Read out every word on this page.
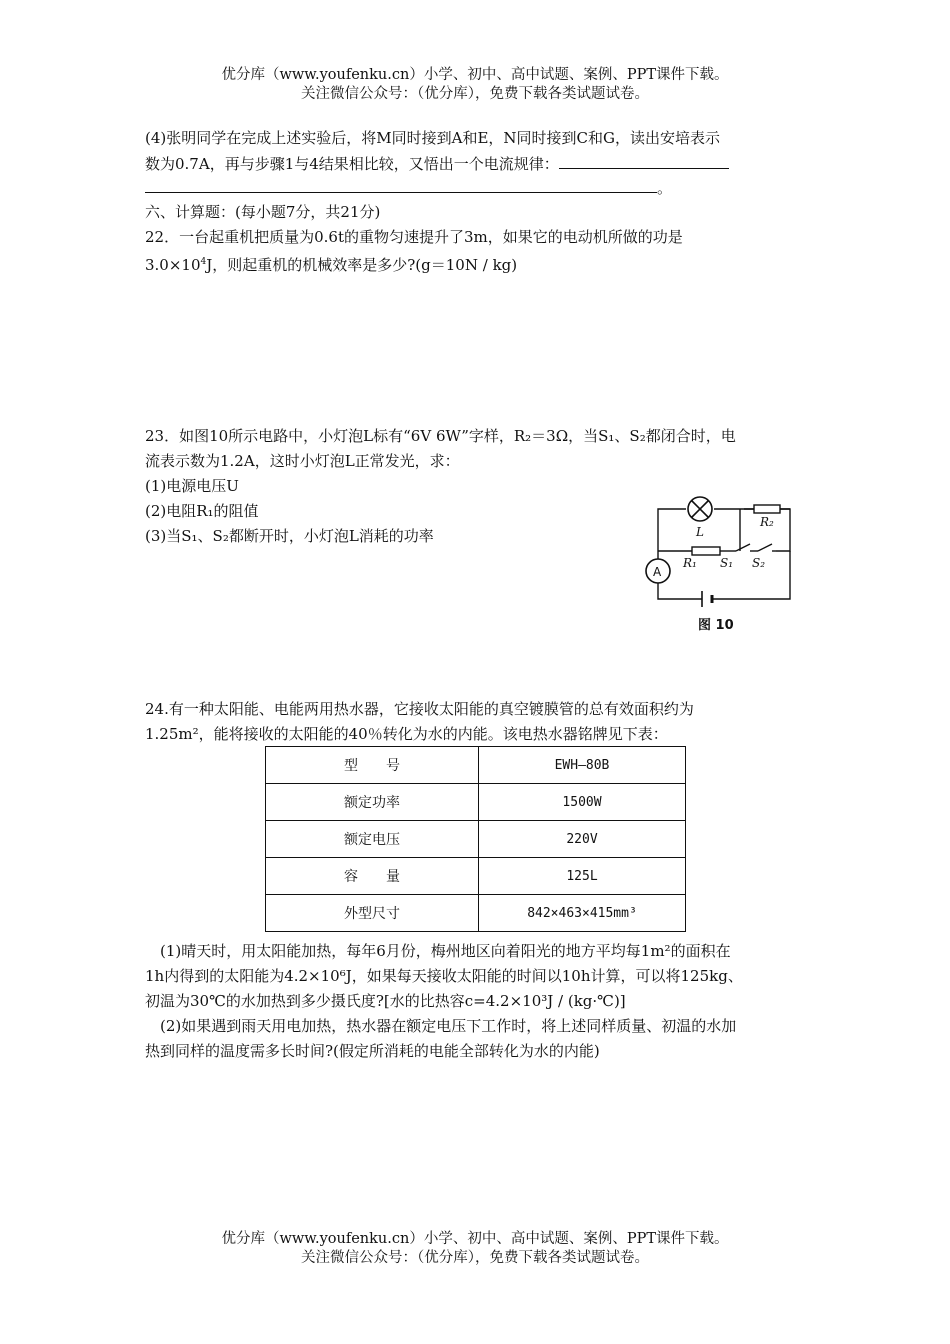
优分库（www.youfenku.cn）小学、初中、高中试题、案例、PPT课件下载。
关注微信公众号：（优分库），免费下载各类试题试卷。
(4)张明同学在完成上述实验后，将M同时接到A和E，N同时接到C和G，读出安培表示
数为0.7A，再与步骤1与4结果相比较，又悟出一个电流规律：
。
六、计算题：(每小题7分，共21分)
22．一台起重机把质量为0.6t的重物匀速提升了3m，如果它的电动机所做的功是
$3.0\times 10^4J$，则起重机的机械效率是多少?(g＝10N / kg)
23．如图10所示电路中，小灯泡L标有“6V 6W”字样，R₂＝3Ω，当S₁、S₂都闭合时，电
流表示数为1.2A，这时小灯泡L正常发光，求：
(1)电源电压U
(2)电阻R₁的阻值
(3)当S₁、S₂都断开时，小灯泡L消耗的功率	L
R₂
R₁ S₁ S₂
A
图 10
24.有一种太阳能、电能两用热水器，它接收太阳能的真空镀膜管的总有效面积约为
1.25m²，能将接收的太阳能的40％转化为水的内能。该电热水器铭牌见下表：
型　　号	EWH—80B
额定功率	1500W
额定电压	220V
容　　量	125L
外型尺寸	842×463×415mm³
(1)晴天时，用太阳能加热，每年6月份，梅州地区向着阳光的地方平均每1m²的面积在
1h内得到的太阳能为4.2×10⁶J，如果每天接收太阳能的时间以10h计算，可以将125kg、
初温为30℃的水加热到多少摄氏度?[水的比热容c=4.2×10³J / (kg·℃)]
(2)如果遇到雨天用电加热，热水器在额定电压下工作时，将上述同样质量、初温的水加
热到同样的温度需多长时间?(假定所消耗的电能全部转化为水的内能)
优分库（www.youfenku.cn）小学、初中、高中试题、案例、PPT课件下载。
关注微信公众号：（优分库），免费下载各类试题试卷。
